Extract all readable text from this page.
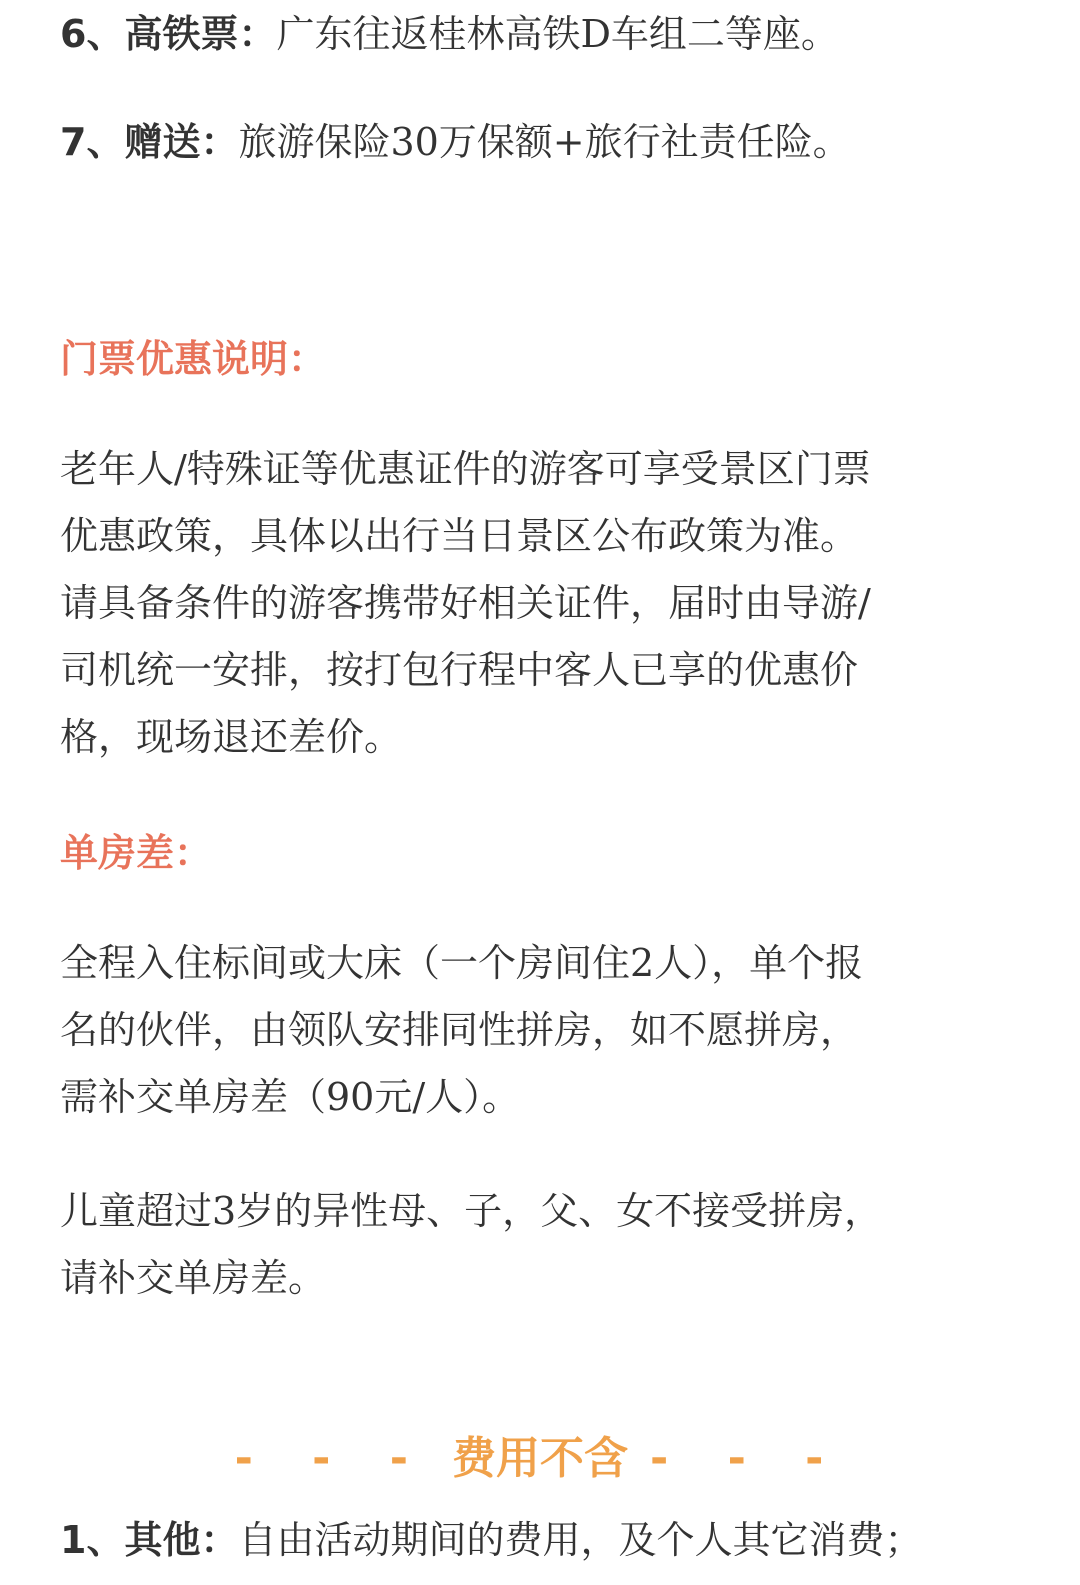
6、高铁票：广东往返桂林高铁D车组二等座。
7、赠送：旅游保险30万保额+旅行社责任险。
门票优惠说明：
老年人/特殊证等优惠证件的游客可享受景区门票
优惠政策，具体以出行当日景区公布政策为准。
请具备条件的游客携带好相关证件，届时由导游/
司机统一安排，按打包行程中客人已享的优惠价
格，现场退还差价。
单房差：
全程入住标间或大床（一个房间住2人），单个报
名的伙伴，由领队安排同性拼房，如不愿拼房，
需补交单房差（90元/人）。
儿童超过3岁的异性母、子，父、女不接受拼房，
请补交单房差。
- - - 费用不含 - - -
1、其他：自由活动期间的费用，及个人其它消费；
